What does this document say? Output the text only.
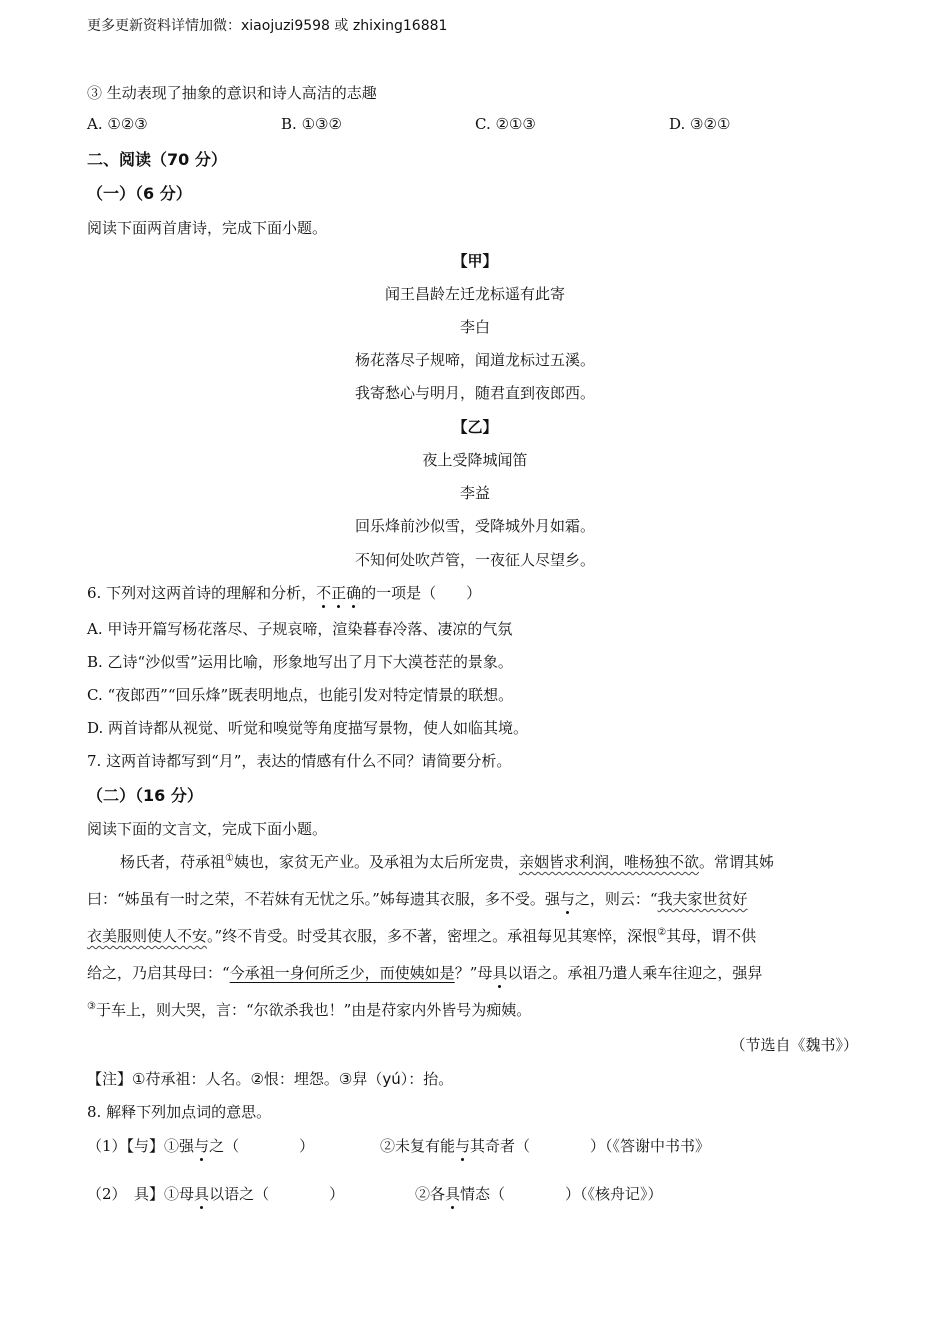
更多更新资料详情加微：xiaojuzi9598 或 zhixing16881
③ 生动表现了抽象的意识和诗人高洁的志趣
A. ①②③	B. ①③②	C. ②①③	D. ③②①
二、阅读（70 分）
（一）（6 分）
阅读下面两首唐诗，完成下面小题。
【甲】
闻王昌龄左迁龙标遥有此寄
李白
杨花落尽子规啼，闻道龙标过五溪。
我寄愁心与明月，随君直到夜郎西。
【乙】
夜上受降城闻笛
李益
回乐烽前沙似雪，受降城外月如霜。
不知何处吹芦管，一夜征人尽望乡。
6. 下列对这两首诗的理解和分析，不正确的一项是（　　）
A. 甲诗开篇写杨花落尽、子规哀啼，渲染暮春冷落、凄凉的气氛
B. 乙诗“沙似雪”运用比喻，形象地写出了月下大漠苍茫的景象。
C. “夜郎西”“回乐烽”既表明地点，也能引发对特定情景的联想。
D. 两首诗都从视觉、听觉和嗅觉等角度描写景物，使人如临其境。
7. 这两首诗都写到“月”，表达的情感有什么不同？请简要分析。
（二）（16 分）
阅读下面的文言文，完成下面小题。
杨氏者，苻承祖①姨也，家贫无产业。及承祖为太后所宠贵，亲姻皆求利润，唯杨独不欲。常谓其姊
曰：“姊虽有一时之荣，不若妹有无忧之乐。”姊每遗其衣服，多不受。强与之，则云：“我夫家世贫好
衣美服则使人不安。”终不肯受。时受其衣服，多不著，密埋之。承祖每见其寒悴，深恨②其母，谓不供
给之，乃启其母曰：“今承祖一身何所乏少，而使姨如是？”母具以语之。承祖乃遣人乘车往迎之，强舁
③于车上，则大哭，言：“尔欲杀我也！”由是苻家内外皆号为痴姨。
（节选自《魏书》）
【注】①苻承祖：人名。②恨：埋怨。③舁（yú）：抬。
8. 解释下列加点词的意思。
（1）【与】①强与之（　　　　）	②未复有能与其奇者（　　　　）（《答谢中书书》
（2）　具】①母具以语之（　　　　）	②各具情态（　　　　）（《核舟记》）
